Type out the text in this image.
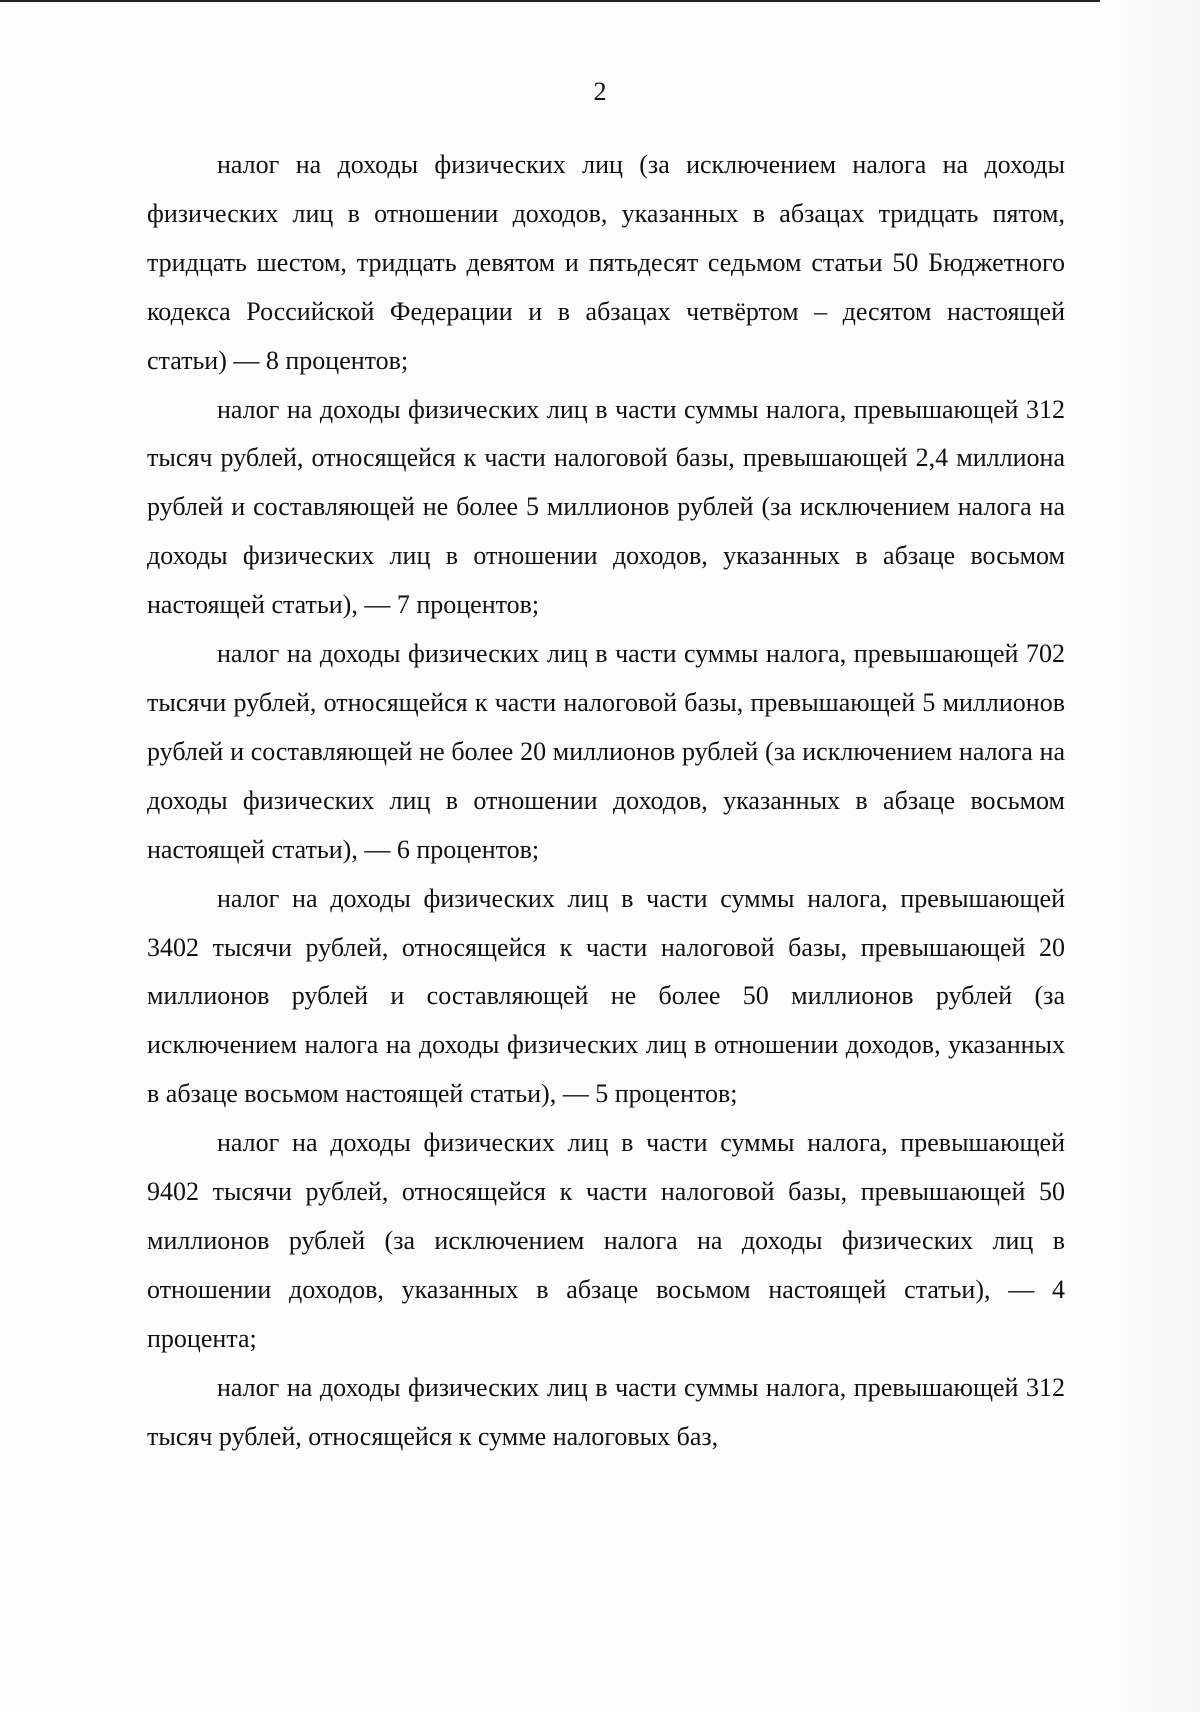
2

налог на доходы физических лиц (за исключением налога на доходы физических лиц в отношении доходов, указанных в абзацах тридцать пятом, тридцать шестом, тридцать девятом и пятьдесят седьмом статьи 50 Бюджетного кодекса Российской Федерации и в абзацах четвёртом – десятом настоящей статьи) — 8 процентов;

налог на доходы физических лиц в части суммы налога, превышающей 312 тысяч рублей, относящейся к части налоговой базы, превышающей 2,4 миллиона рублей и составляющей не более 5 миллионов рублей (за исключением налога на доходы физических лиц в отношении доходов, указанных в абзаце восьмом настоящей статьи), — 7 процентов;

налог на доходы физических лиц в части суммы налога, превышающей 702 тысячи рублей, относящейся к части налоговой базы, превышающей 5 миллионов рублей и составляющей не более 20 миллионов рублей (за исключением налога на доходы физических лиц в отношении доходов, указанных в абзаце восьмом настоящей статьи), — 6 процентов;

налог на доходы физических лиц в части суммы налога, превышающей 3402 тысячи рублей, относящейся к части налоговой базы, превышающей 20 миллионов рублей и составляющей не более 50 миллионов рублей (за исключением налога на доходы физических лиц в отношении доходов, указанных в абзаце восьмом настоящей статьи), — 5 процентов;

налог на доходы физических лиц в части суммы налога, превышающей 9402 тысячи рублей, относящейся к части налоговой базы, превышающей 50 миллионов рублей (за исключением налога на доходы физических лиц в отношении доходов, указанных в абзаце восьмом настоящей статьи), — 4 процента;

налог на доходы физических лиц в части суммы налога, превышающей 312 тысяч рублей, относящейся к сумме налоговых баз,
